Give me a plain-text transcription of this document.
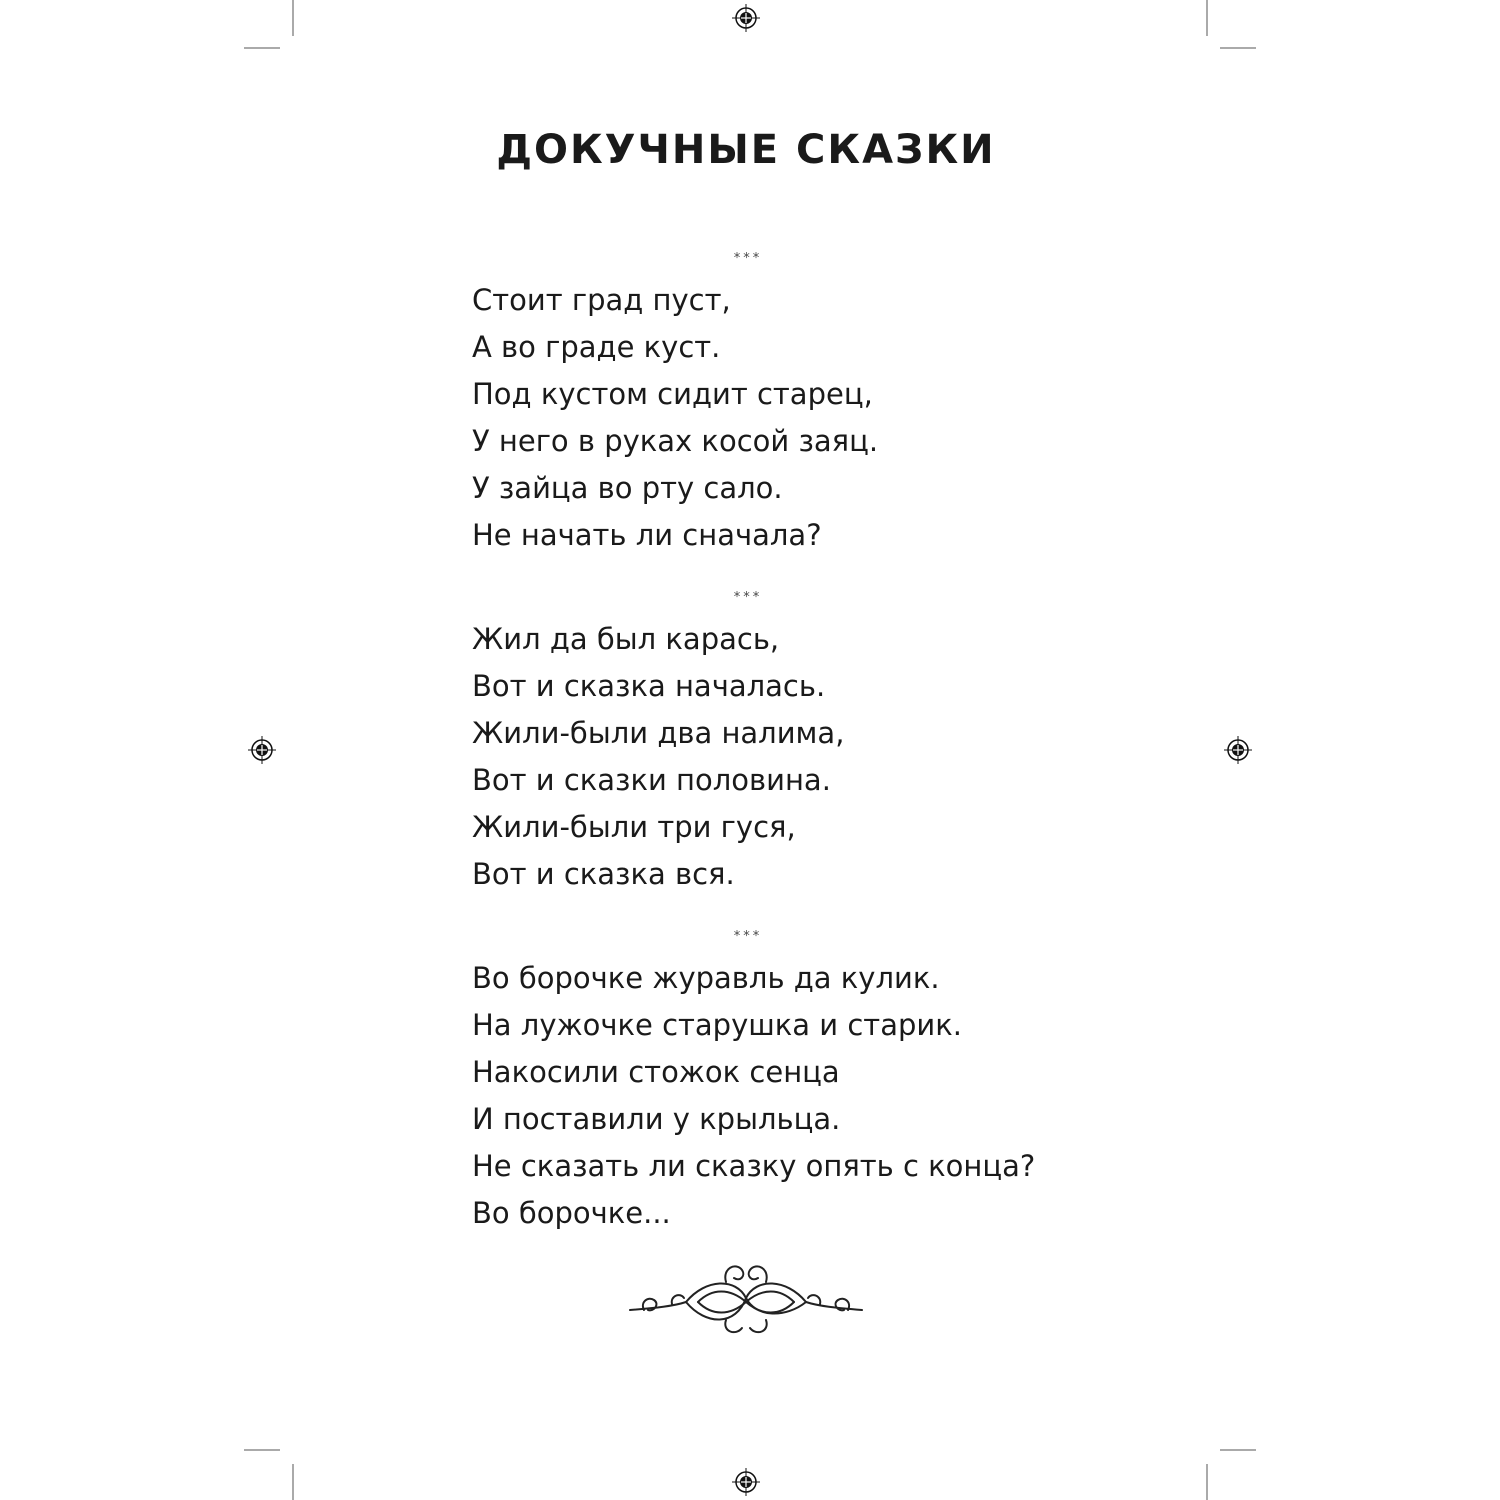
ДОКУЧНЫЕ СКАЗКИ
***
Стоит град пуст,
А во граде куст.
Под кустом сидит старец,
У него в руках косой заяц.
У зайца во рту сало.
Не начать ли сначала?
***
Жил да был карась,
Вот и сказка началась.
Жили-были два налима,
Вот и сказки половина.
Жили-были три гуся,
Вот и сказка вся.
***
Во борочке журавль да кулик.
На лужочке старушка и старик.
Накосили стожок сенца
И поставили у крыльца.
Не сказать ли сказку опять с конца?
Во борочке...
